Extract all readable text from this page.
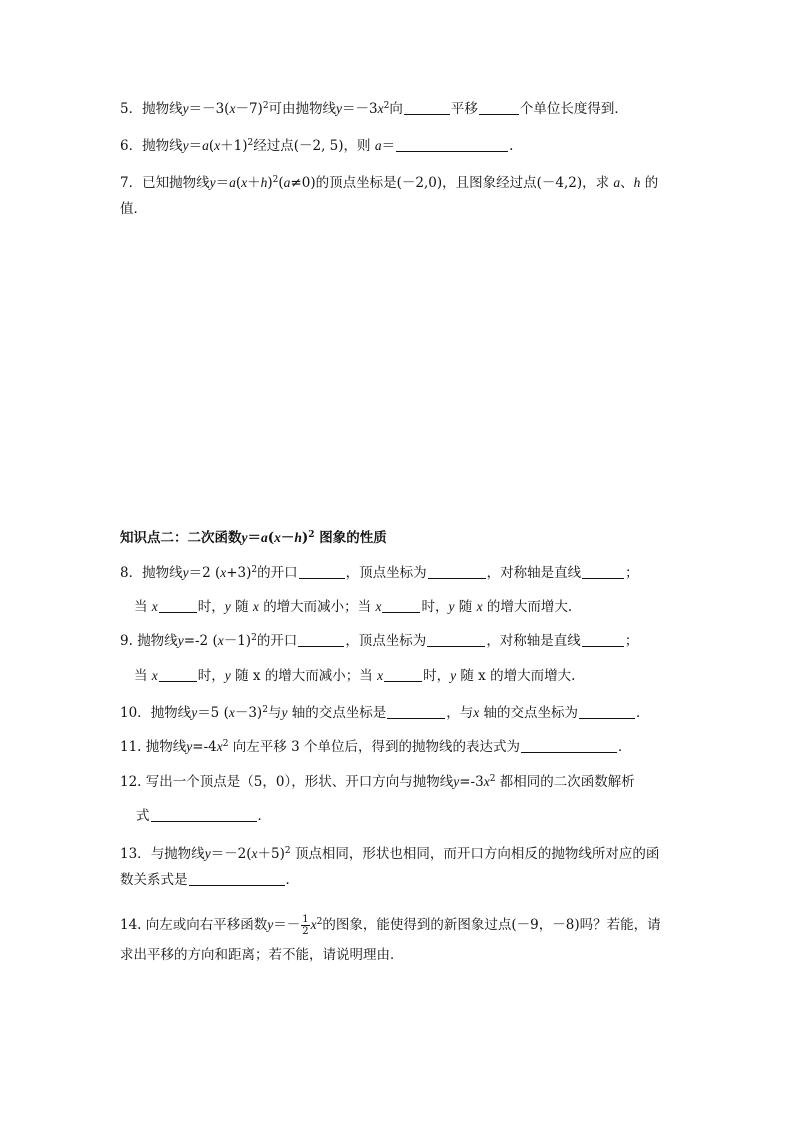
5．抛物线$y=-3(x-7)^2$可由抛物线$y=-3x^2$向	平移	个单位长度得到．
6．抛物线$y=a(x+1)^2$经过点(－2, 5)，则 a＝	.
7．已知抛物线$y=a(x+h)^2(a\ne 0)$的顶点坐标是(－2,0)，且图象经过点(－4,2)，求 a、h 的
值．
知识点二：二次函数$y=a(x-h)^2$ 图象的性质
8．抛物线y＝2 $(x+3)^2$的开口	，顶点坐标为	，对称轴是直线	；
当 x	时，y 随 x 的增大而减小；当 x	时，y 随 x 的增大而增大.
9. 抛物线y=-2 $(x-1)^2$的开口	，顶点坐标为	，对称轴是直线	；
当 x	时，y 随 x 的增大而减小；当 x	时，y 随 x 的增大而增大.
10．抛物线y＝5 $(x-3)^2$与y 轴的交点坐标是	，与x 轴的交点坐标为	．
11. 抛物线$y=-4x^2$ 向左平移 3 个单位后，得到的抛物线的表达式为	．
12. 写出一个顶点是（5，0），形状、开口方向与抛物线$y=-3x^2$ 都相同的二次函数解析
式	．
13．与抛物线$y=-2(x+5)^2$ 顶点相同，形状也相同，而开口方向相反的抛物线所对应的函
数关系式是	．
14. 向左或向右平移函数$y=- \frac{1}{2} x^2$的图象，能使得到的新图象过点(－9，－8)吗？若能，请
求出平移的方向和距离；若不能，请说明理由．
